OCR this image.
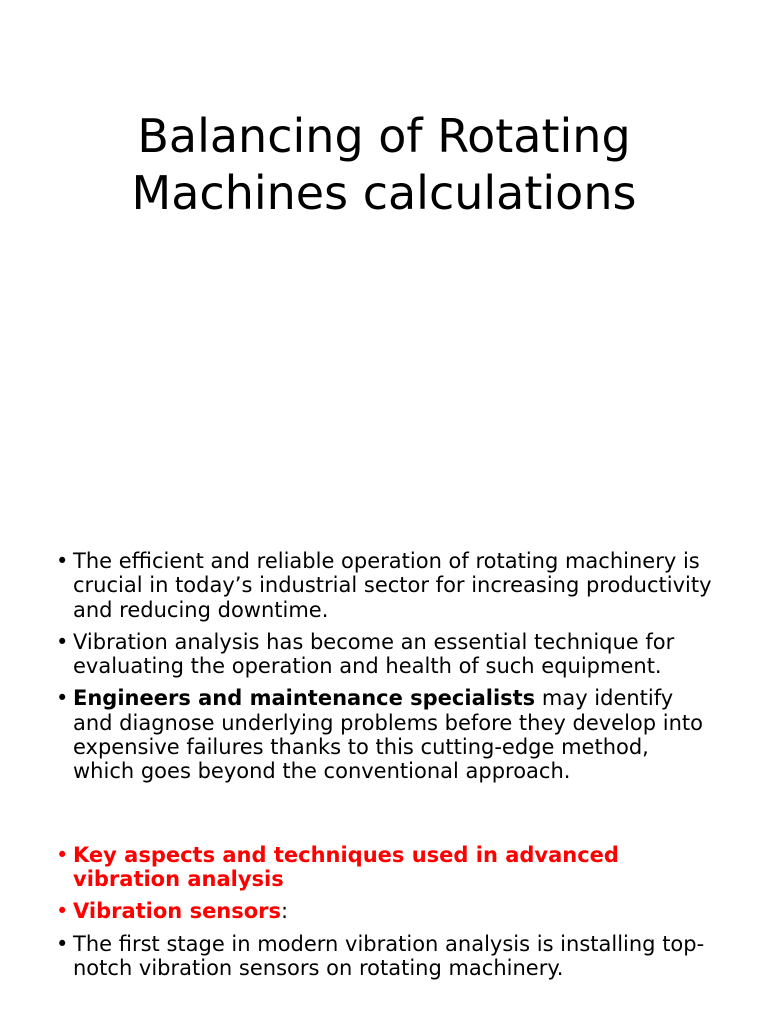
Balancing of Rotating
Machines calculations
• The efficient and reliable operation of rotating machinery is crucial in today’s industrial sector for increasing productivity and reducing downtime.
• Vibration analysis has become an essential technique for evaluating the operation and health of such equipment.
• Engineers and maintenance specialists may identify and diagnose underlying problems before they develop into expensive failures thanks to this cutting-edge method, which goes beyond the conventional approach.
• Key aspects and techniques used in advanced vibration analysis
• Vibration sensors:
• The first stage in modern vibration analysis is installing top-notch vibration sensors on rotating machinery.
